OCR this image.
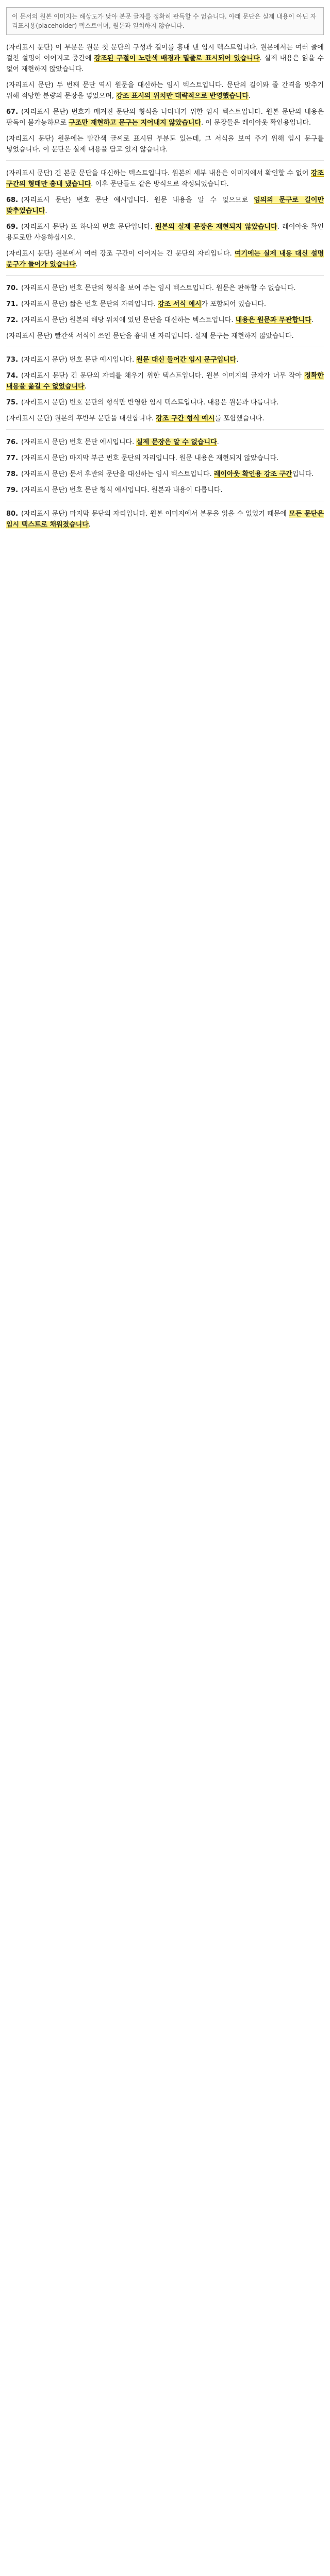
이 문서의 원본 이미지는 해상도가 낮아 본문 글자를 정확히 판독할 수 없습니다. 아래 문단은 실제 내용이 아닌 자리표시용(placeholder) 텍스트이며, 원문과 일치하지 않습니다.

(자리표시 문단) 이 부분은 원문 첫 문단의 구성과 길이를 흉내 낸 임시 텍스트입니다. 원본에서는 여러 줄에 걸친 설명이 이어지고 중간에 강조된 구절이 노란색 배경과 밑줄로 표시되어 있습니다. 실제 내용은 읽을 수 없어 재현하지 않았습니다.

(자리표시 문단) 두 번째 문단 역시 원문을 대신하는 임시 텍스트입니다. 문단의 길이와 줄 간격을 맞추기 위해 적당한 분량의 문장을 넣었으며, 강조 표시의 위치만 대략적으로 반영했습니다.

67. (자리표시 문단) 번호가 매겨진 문단의 형식을 나타내기 위한 임시 텍스트입니다. 원본 문단의 내용은 판독이 불가능하므로 구조만 재현하고 문구는 지어내지 않았습니다. 이 문장들은 레이아웃 확인용입니다.

(자리표시 문단) 원문에는 빨간색 글씨로 표시된 부분도 있는데, 그 서식을 보여 주기 위해 임시 문구를 넣었습니다. 이 문단은 실제 내용을 담고 있지 않습니다.

(자리표시 문단) 긴 본문 문단을 대신하는 텍스트입니다. 원본의 세부 내용은 이미지에서 확인할 수 없어 강조 구간의 형태만 흉내 냈습니다. 이후 문단들도 같은 방식으로 작성되었습니다.

68. (자리표시 문단) 번호 문단 예시입니다. 원문 내용을 알 수 없으므로 임의의 문구로 길이만 맞추었습니다.

69. (자리표시 문단) 또 하나의 번호 문단입니다. 원본의 실제 문장은 재현되지 않았습니다. 레이아웃 확인 용도로만 사용하십시오.

(자리표시 문단) 원본에서 여러 강조 구간이 이어지는 긴 문단의 자리입니다. 여기에는 실제 내용 대신 설명 문구가 들어가 있습니다.

70. (자리표시 문단) 번호 문단의 형식을 보여 주는 임시 텍스트입니다. 원문은 판독할 수 없습니다.

71. (자리표시 문단) 짧은 번호 문단의 자리입니다. 강조 서식 예시가 포함되어 있습니다.

72. (자리표시 문단) 원본의 해당 위치에 있던 문단을 대신하는 텍스트입니다. 내용은 원문과 무관합니다.

(자리표시 문단) 빨간색 서식이 쓰인 문단을 흉내 낸 자리입니다. 실제 문구는 재현하지 않았습니다.

73. (자리표시 문단) 번호 문단 예시입니다. 원문 대신 들어간 임시 문구입니다.

74. (자리표시 문단) 긴 문단의 자리를 채우기 위한 텍스트입니다. 원본 이미지의 글자가 너무 작아 정확한 내용을 옮길 수 없었습니다.

75. (자리표시 문단) 번호 문단의 형식만 반영한 임시 텍스트입니다. 내용은 원문과 다릅니다.

(자리표시 문단) 원본의 후반부 문단을 대신합니다. 강조 구간 형식 예시를 포함했습니다.

76. (자리표시 문단) 번호 문단 예시입니다. 실제 문장은 알 수 없습니다.

77. (자리표시 문단) 마지막 부근 번호 문단의 자리입니다. 원문 내용은 재현되지 않았습니다.

78. (자리표시 문단) 문서 후반의 문단을 대신하는 임시 텍스트입니다. 레이아웃 확인용 강조 구간입니다.

79. (자리표시 문단) 번호 문단 형식 예시입니다. 원본과 내용이 다릅니다.

80. (자리표시 문단) 마지막 문단의 자리입니다. 원본 이미지에서 본문을 읽을 수 없었기 때문에 모든 문단은 임시 텍스트로 채워졌습니다.
